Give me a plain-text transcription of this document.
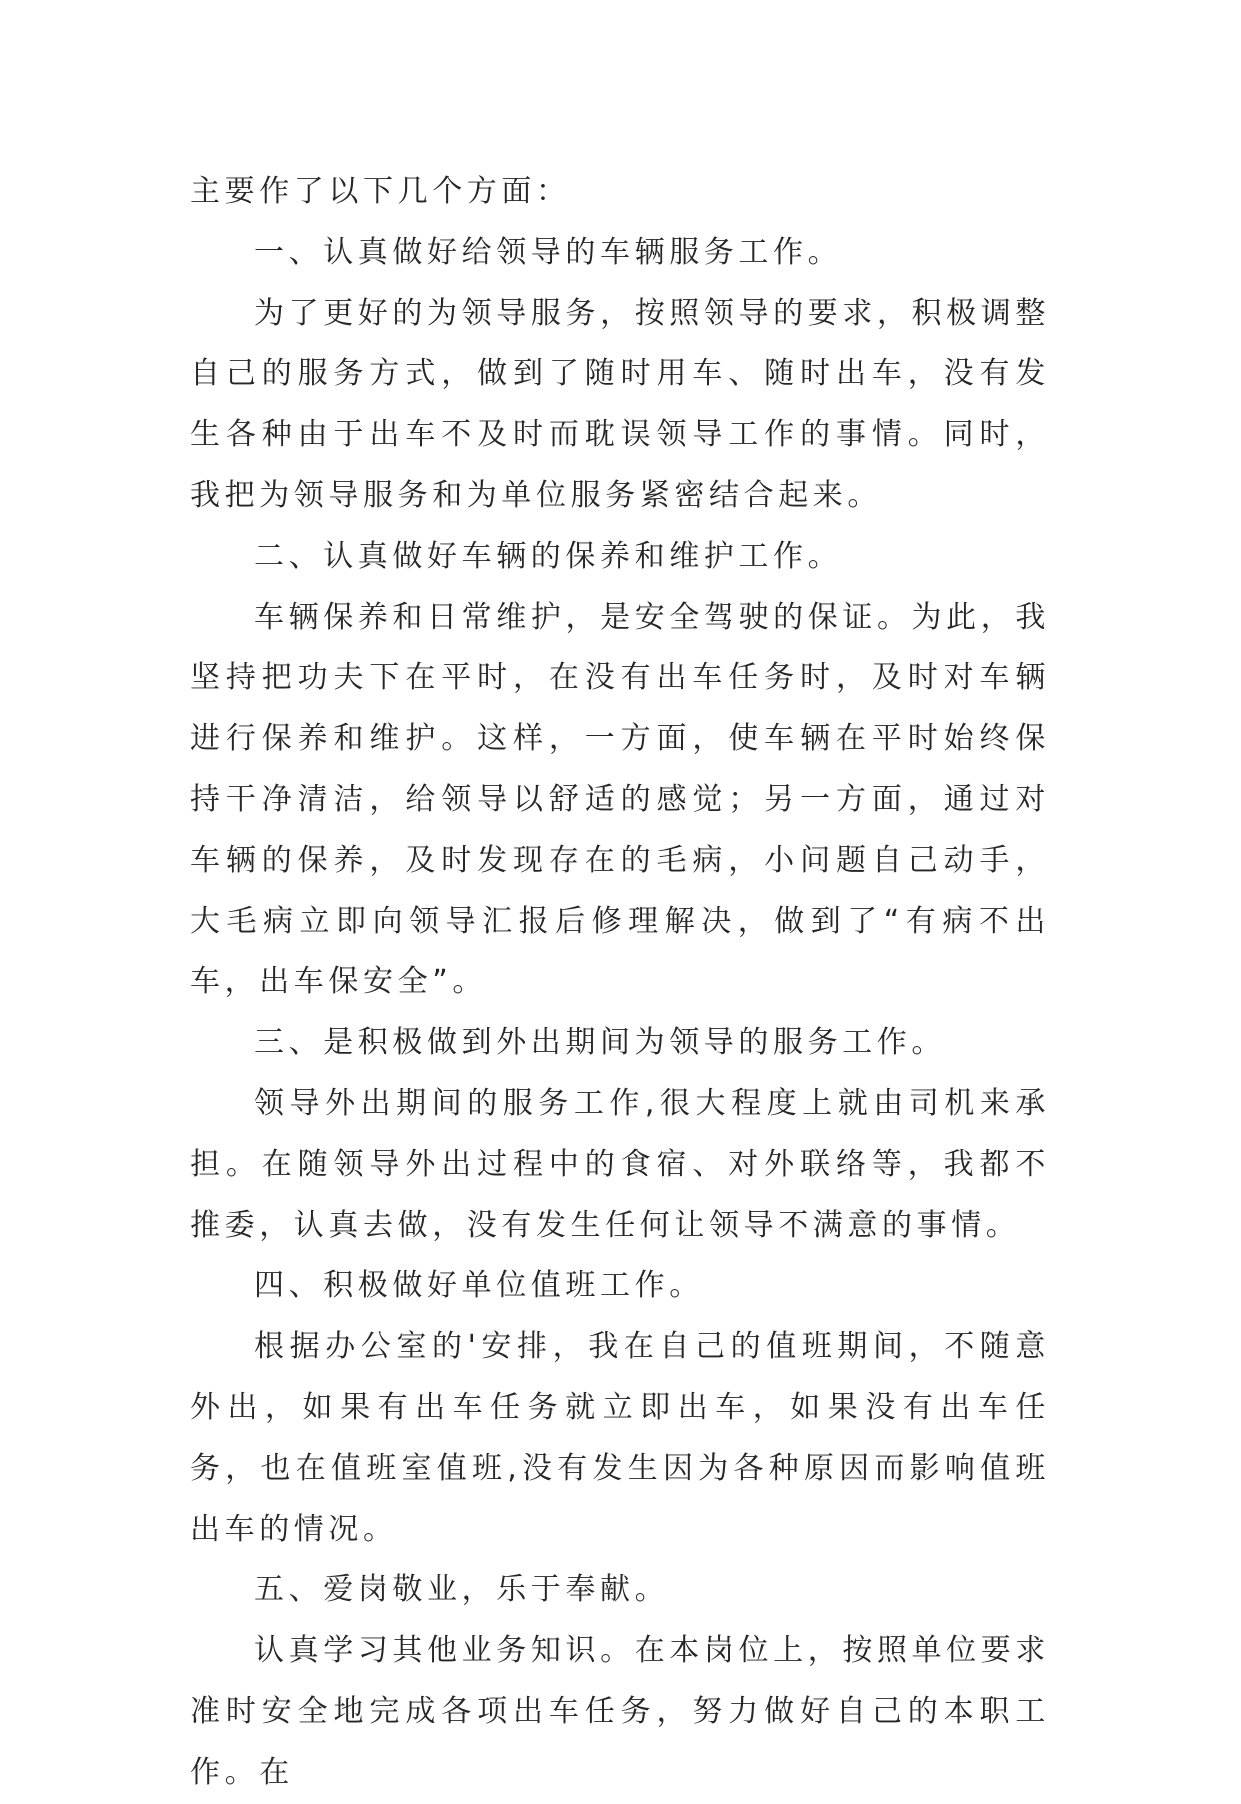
主要作了以下几个方面：

一、认真做好给领导的车辆服务工作。

为了更好的为领导服务，按照领导的要求，积极调整自己的服务方式，做到了随时用车、随时出车，没有发生各种由于出车不及时而耽误领导工作的事情。同时，我把为领导服务和为单位服务紧密结合起来。

二、认真做好车辆的保养和维护工作。

车辆保养和日常维护，是安全驾驶的保证。为此，我坚持把功夫下在平时，在没有出车任务时，及时对车辆进行保养和维护。这样，一方面，使车辆在平时始终保持干净清洁，给领导以舒适的感觉；另一方面，通过对车辆的保养，及时发现存在的毛病，小问题自己动手，大毛病立即向领导汇报后修理解决，做到了“有病不出车，出车保安全”。

三、是积极做到外出期间为领导的服务工作。

领导外出期间的服务工作,很大程度上就由司机来承担。在随领导外出过程中的食宿、对外联络等，我都不推委，认真去做，没有发生任何让领导不满意的事情。

四、积极做好单位值班工作。

根据办公室的'安排，我在自己的值班期间，不随意外出，如果有出车任务就立即出车，如果没有出车任务，也在值班室值班,没有发生因为各种原因而影响值班出车的情况。

五、爱岗敬业，乐于奉献。

认真学习其他业务知识。在本岗位上，按照单位要求准时安全地完成各项出车任务，努力做好自己的本职工作。在
